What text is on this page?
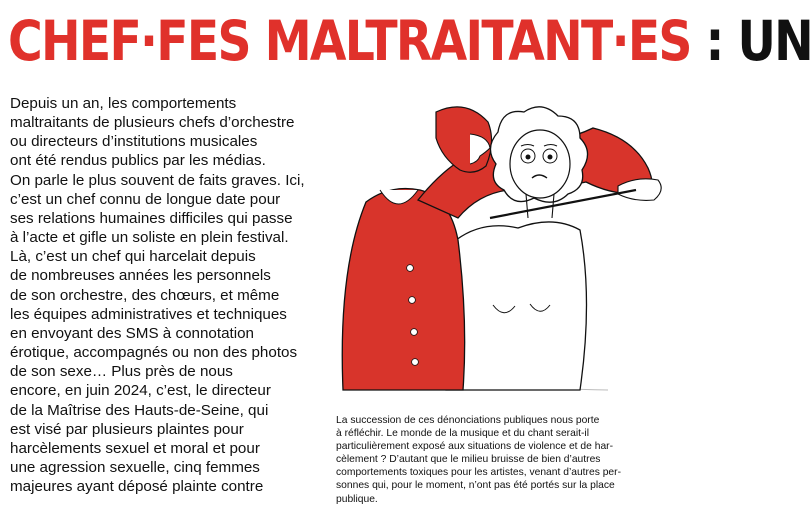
CHEF·FES MALTRAITANT·ES : UN
Depuis un an, les comportements
maltraitants de plusieurs chefs d’orchestre
ou directeurs d’institutions musicales
ont été rendus publics par les médias.
On parle le plus souvent de faits graves. Ici,
c’est un chef connu de longue date pour
ses relations humaines difficiles qui passe
à l’acte et gifle un soliste en plein festival.
Là, c’est un chef qui harcelait depuis
de nombreuses années les personnels
de son orchestre, des chœurs, et même
les équipes administratives et techniques
en envoyant des SMS à connotation
érotique, accompagnés ou non des photos
de son sexe… Plus près de nous
encore, en juin 2024, c’est, le directeur
de la Maîtrise des Hauts-de-Seine, qui
est visé par plusieurs plaintes pour
harcèlements sexuel et moral et pour
une agression sexuelle, cinq femmes
majeures ayant déposé plainte contre
La succession de ces dénonciations publiques nous porte
à réfléchir. Le monde de la musique et du chant serait-il
particulièrement exposé aux situations de violence et de har-
cèlement ? D’autant que le milieu bruisse de bien d’autres
comportements toxiques pour les artistes, venant d’autres per-
sonnes qui, pour le moment, n’ont pas été portés sur la place
publique.
